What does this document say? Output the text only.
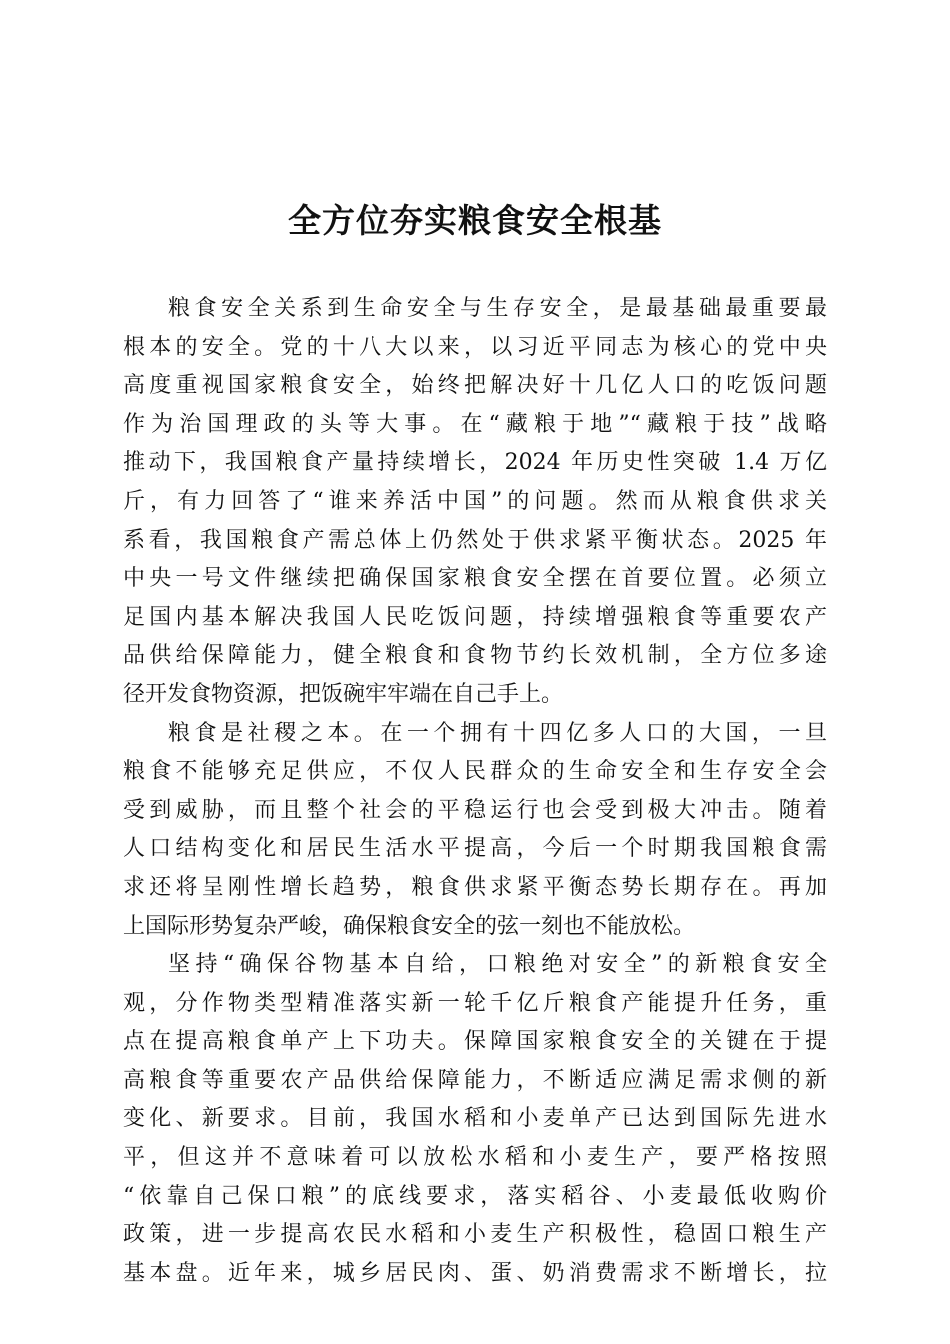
全方位夯实粮食安全根基
粮食安全关系到生命安全与生存安全，是最基础最重要最
根本的安全。党的十八大以来，以习近平同志为核心的党中央
高度重视国家粮食安全，始终把解决好十几亿人口的吃饭问题
作为治国理政的头等大事。在“藏粮于地”“藏粮于技”战略
推动下，我国粮食产量持续增长，2024 年历史性突破 1.4 万亿
斤，有力回答了“谁来养活中国”的问题。然而从粮食供求关
系看，我国粮食产需总体上仍然处于供求紧平衡状态。2025 年
中央一号文件继续把确保国家粮食安全摆在首要位置。必须立
足国内基本解决我国人民吃饭问题，持续增强粮食等重要农产
品供给保障能力，健全粮食和食物节约长效机制，全方位多途
径开发食物资源，把饭碗牢牢端在自己手上。
粮食是社稷之本。在一个拥有十四亿多人口的大国，一旦
粮食不能够充足供应，不仅人民群众的生命安全和生存安全会
受到威胁，而且整个社会的平稳运行也会受到极大冲击。随着
人口结构变化和居民生活水平提高，今后一个时期我国粮食需
求还将呈刚性增长趋势，粮食供求紧平衡态势长期存在。再加
上国际形势复杂严峻，确保粮食安全的弦一刻也不能放松。
坚持“确保谷物基本自给，口粮绝对安全”的新粮食安全
观，分作物类型精准落实新一轮千亿斤粮食产能提升任务，重
点在提高粮食单产上下功夫。保障国家粮食安全的关键在于提
高粮食等重要农产品供给保障能力，不断适应满足需求侧的新
变化、新要求。目前，我国水稻和小麦单产已达到国际先进水
平，但这并不意味着可以放松水稻和小麦生产，要严格按照
“依靠自己保口粮”的底线要求，落实稻谷、小麦最低收购价
政策，进一步提高农民水稻和小麦生产积极性，稳固口粮生产
基本盘。近年来，城乡居民肉、蛋、奶消费需求不断增长，拉
